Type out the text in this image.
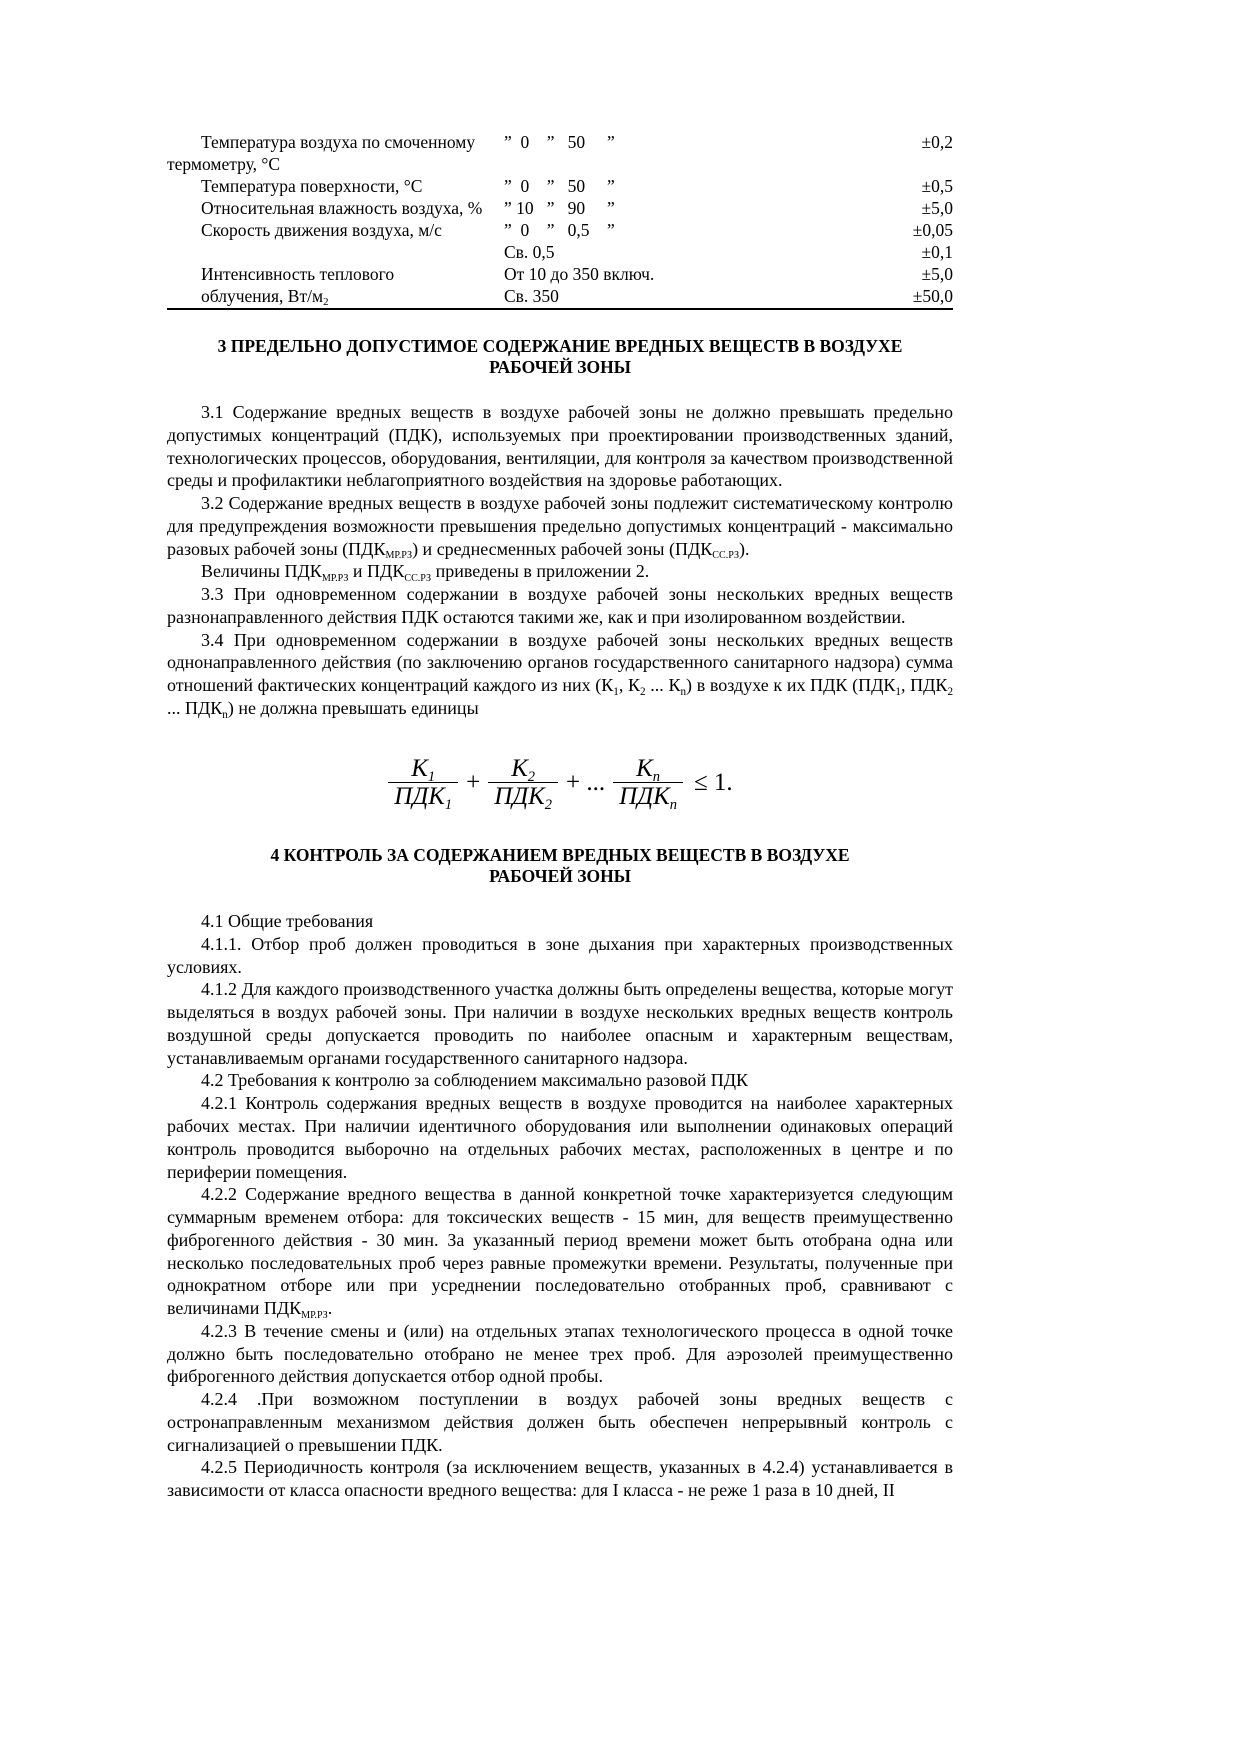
Температура воздуха по смоченному термометру, °C	”  0    ”   50     ”	±0,2
Температура поверхности, °C	”  0    ”   50     ”	±0,5
Относительная влажность воздуха, %	” 10   ”   90     ”	±5,0
Скорость движения воздуха, м/с	”  0    ”   0,5    ”	±0,05
	Св. 0,5	±0,1
Интенсивность теплового	От 10 до 350 включ.	±5,0
облучения, $Вт/м_2$	Св. 350	±50,0
3 ПРЕДЕЛЬНО ДОПУСТИМОЕ СОДЕРЖАНИЕ ВРЕДНЫХ ВЕЩЕСТВ В ВОЗДУХЕ
РАБОЧЕЙ ЗОНЫ

3.1 Содержание вредных веществ в воздухе рабочей зоны не должно превышать предельно допустимых концентраций (ПДК), используемых при проектировании производственных зданий, технологических процессов, оборудования, вентиляции, для контроля за качеством производственной среды и профилактики неблагоприятного воздействия на здоровье работающих.

3.2 Содержание вредных веществ в воздухе рабочей зоны подлежит систематическому контролю для предупреждения возможности превышения предельно допустимых концентраций - максимально разовых рабочей зоны (ПДКМР.РЗ) и среднесменных рабочей зоны (ПДКСС.РЗ).

Величины ПДКМР.РЗ и ПДКСС.РЗ приведены в приложении 2.

3.3 При одновременном содержании в воздухе рабочей зоны нескольких вредных веществ разнонаправленного действия ПДК остаются такими же, как и при изолированном воздействии.

3.4 При одновременном содержании в воздухе рабочей зоны нескольких вредных веществ однонаправленного действия (по заключению органов государственного санитарного надзора) сумма отношений фактических концентраций каждого из них ($К_1$, $К_2$ ... $К_n$) в воздухе к их ПДК ($ПДК_1$, $ПДК_2$ ... $ПДК_n$) не должна превышать единицы

$\frac{К_1}{ПДК_1} + \frac{К_2}{ПДК_2}$ + ... $\frac{К_n}{ПДК_n} \le 1$.
4 КОНТРОЛЬ ЗА СОДЕРЖАНИЕМ ВРЕДНЫХ ВЕЩЕСТВ В ВОЗДУХЕ
РАБОЧЕЙ ЗОНЫ

4.1 Общие требования

4.1.1. Отбор проб должен проводиться в зоне дыхания при характерных производственных условиях.

4.1.2 Для каждого производственного участка должны быть определены вещества, которые могут выделяться в воздух рабочей зоны. При наличии в воздухе нескольких вредных веществ контроль воздушной среды допускается проводить по наиболее опасным и характерным веществам, устанавливаемым органами государственного санитарного надзора.

4.2 Требования к контролю за соблюдением максимально разовой ПДК

4.2.1 Контроль содержания вредных веществ в воздухе проводится на наиболее характерных рабочих местах. При наличии идентичного оборудования или выполнении одинаковых операций контроль проводится выборочно на отдельных рабочих местах, расположенных в центре и по периферии помещения.

4.2.2 Содержание вредного вещества в данной конкретной точке характеризуется следующим суммарным временем отбора: для токсических веществ - 15 мин, для веществ преимущественно фиброгенного действия - 30 мин. За указанный период времени может быть отобрана одна или несколько последовательных проб через равные промежутки времени. Результаты, полученные при однократном отборе или при усреднении последовательно отобранных проб, сравнивают с величинами ПДКМР.РЗ.

4.2.3 В течение смены и (или) на отдельных этапах технологического процесса в одной точке должно быть последовательно отобрано не менее трех проб. Для аэрозолей преимущественно фиброгенного действия допускается отбор одной пробы.

4.2.4 .При возможном поступлении в воздух рабочей зоны вредных веществ с остронаправленным механизмом действия должен быть обеспечен непрерывный контроль с сигнализацией о превышении ПДК.

4.2.5 Периодичность контроля (за исключением веществ, указанных в 4.2.4) устанавливается в зависимости от класса опасности вредного вещества: для I класса - не реже 1 раза в 10 дней, II
